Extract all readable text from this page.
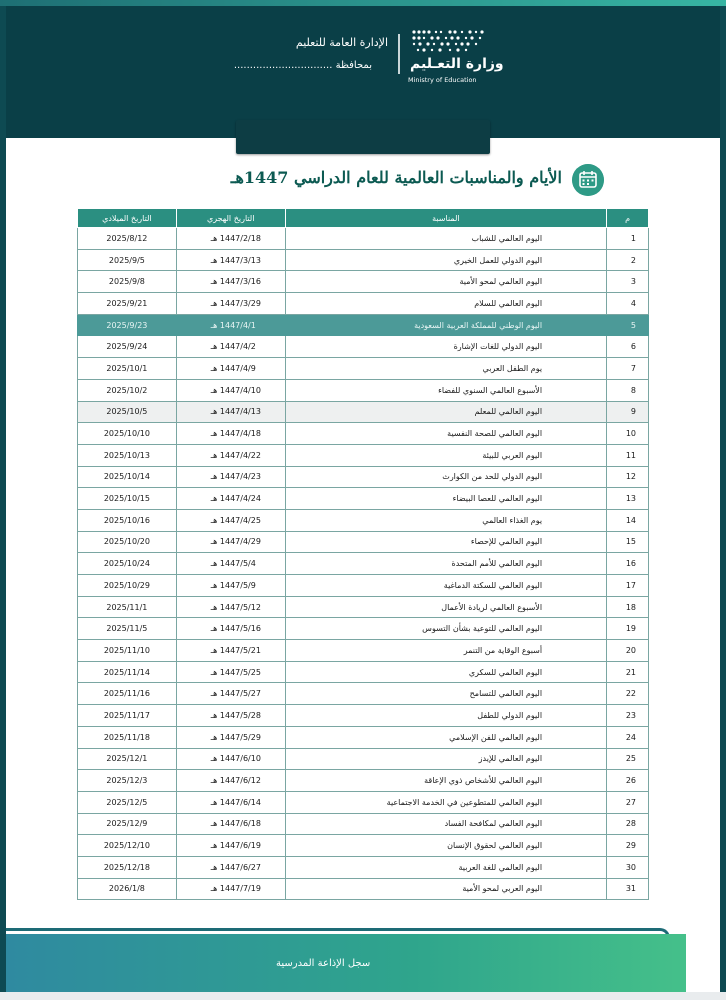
وزارة التعـليم
Ministry of Education
الإدارة العامة للتعليم
بمحافظة ...............................
الأيام والمناسبات العالمية للعام الدراسي 1447هـ
م	المناسبة	التاريخ الهجري	التاريخ الميلادي
1	اليوم العالمي للشباب	1447/2/18 هـ	2025/8/12
2	اليوم الدولي للعمل الخيري	1447/3/13 هـ	2025/9/5
3	اليوم العالمي لمحو الأمية	1447/3/16 هـ	2025/9/8
4	اليوم العالمي للسلام	1447/3/29 هـ	2025/9/21
5	اليوم الوطني للمملكة العربية السعودية	1447/4/1 هـ	2025/9/23
6	اليوم الدولي للغات الإشارة	1447/4/2 هـ	2025/9/24
7	يوم الطفل العربي	1447/4/9 هـ	2025/10/1
8	الأسبوع العالمي السنوي للفضاء	1447/4/10 هـ	2025/10/2
9	اليوم العالمي للمعلم	1447/4/13 هـ	2025/10/5
10	اليوم العالمي للصحة النفسية	1447/4/18 هـ	2025/10/10
11	اليوم العربي للبيئة	1447/4/22 هـ	2025/10/13
12	اليوم الدولي للحد من الكوارث	1447/4/23 هـ	2025/10/14
13	اليوم العالمي للعصا البيضاء	1447/4/24 هـ	2025/10/15
14	يوم الغذاء العالمي	1447/4/25 هـ	2025/10/16
15	اليوم العالمي للإحصاء	1447/4/29 هـ	2025/10/20
16	اليوم العالمي للأمم المتحدة	1447/5/4 هـ	2025/10/24
17	اليوم العالمي للسكتة الدماغية	1447/5/9 هـ	2025/10/29
18	الأسبوع العالمي لريادة الأعمال	1447/5/12 هـ	2025/11/1
19	اليوم العالمي للتوعية بشأن التسوس	1447/5/16 هـ	2025/11/5
20	أسبوع الوقاية من التنمر	1447/5/21 هـ	2025/11/10
21	اليوم العالمي للسكري	1447/5/25 هـ	2025/11/14
22	اليوم العالمي للتسامح	1447/5/27 هـ	2025/11/16
23	اليوم الدولي للطفل	1447/5/28 هـ	2025/11/17
24	اليوم العالمي للفن الإسلامي	1447/5/29 هـ	2025/11/18
25	اليوم العالمي للإيدز	1447/6/10 هـ	2025/12/1
26	اليوم العالمي للأشخاص ذوي الإعاقة	1447/6/12 هـ	2025/12/3
27	اليوم العالمي للمتطوعين في الخدمة الاجتماعية	1447/6/14 هـ	2025/12/5
28	اليوم العالمي لمكافحة الفساد	1447/6/18 هـ	2025/12/9
29	اليوم العالمي لحقوق الإنسان	1447/6/19 هـ	2025/12/10
30	اليوم العالمي للغة العربية	1447/6/27 هـ	2025/12/18
31	اليوم العربي لمحو الأمية	1447/7/19 هـ	2026/1/8
سجل الإذاعة المدرسية
